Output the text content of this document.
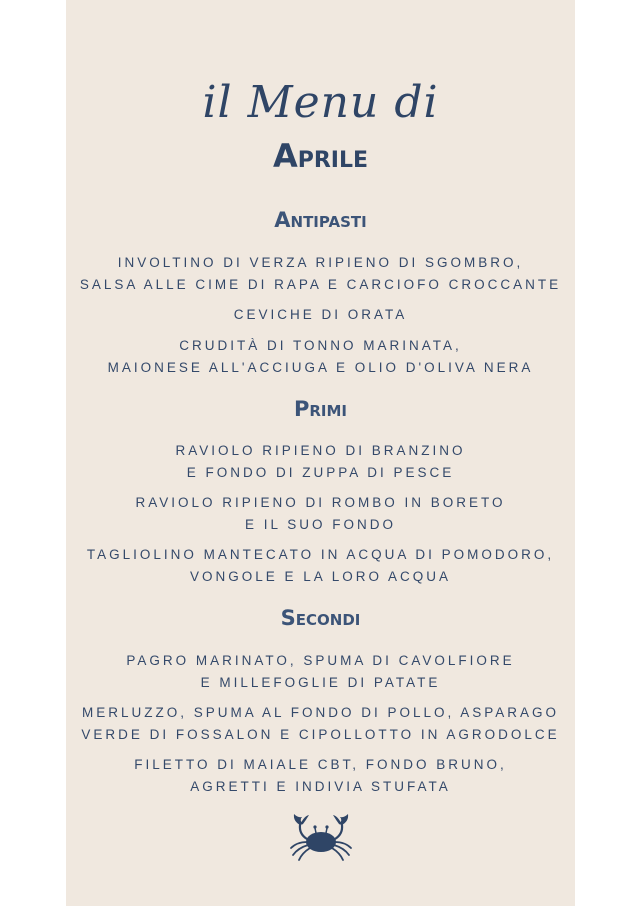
il Menu di
Aprile
Antipasti
INVOLTINO DI VERZA RIPIENO DI SGOMBRO,
SALSA ALLE CIME DI RAPA E CARCIOFO CROCCANTE
CEVICHE DI ORATA
CRUDITÀ DI TONNO MARINATA,
MAIONESE ALL'ACCIUGA E OLIO D'OLIVA NERA
Primi
RAVIOLO RIPIENO DI BRANZINO
E FONDO DI ZUPPA DI PESCE
RAVIOLO RIPIENO DI ROMBO IN BORETO
E IL SUO FONDO
TAGLIOLINO MANTECATO IN ACQUA DI POMODORO,
VONGOLE E LA LORO ACQUA
Secondi
PAGRO MARINATO, SPUMA DI CAVOLFIORE
E MILLEFOGLIE DI PATATE
MERLUZZO, SPUMA AL FONDO DI POLLO, ASPARAGO
VERDE DI FOSSALON E CIPOLLOTTO IN AGRODOLCE
FILETTO DI MAIALE CBT, FONDO BRUNO,
AGRETTI E INDIVIA STUFATA
